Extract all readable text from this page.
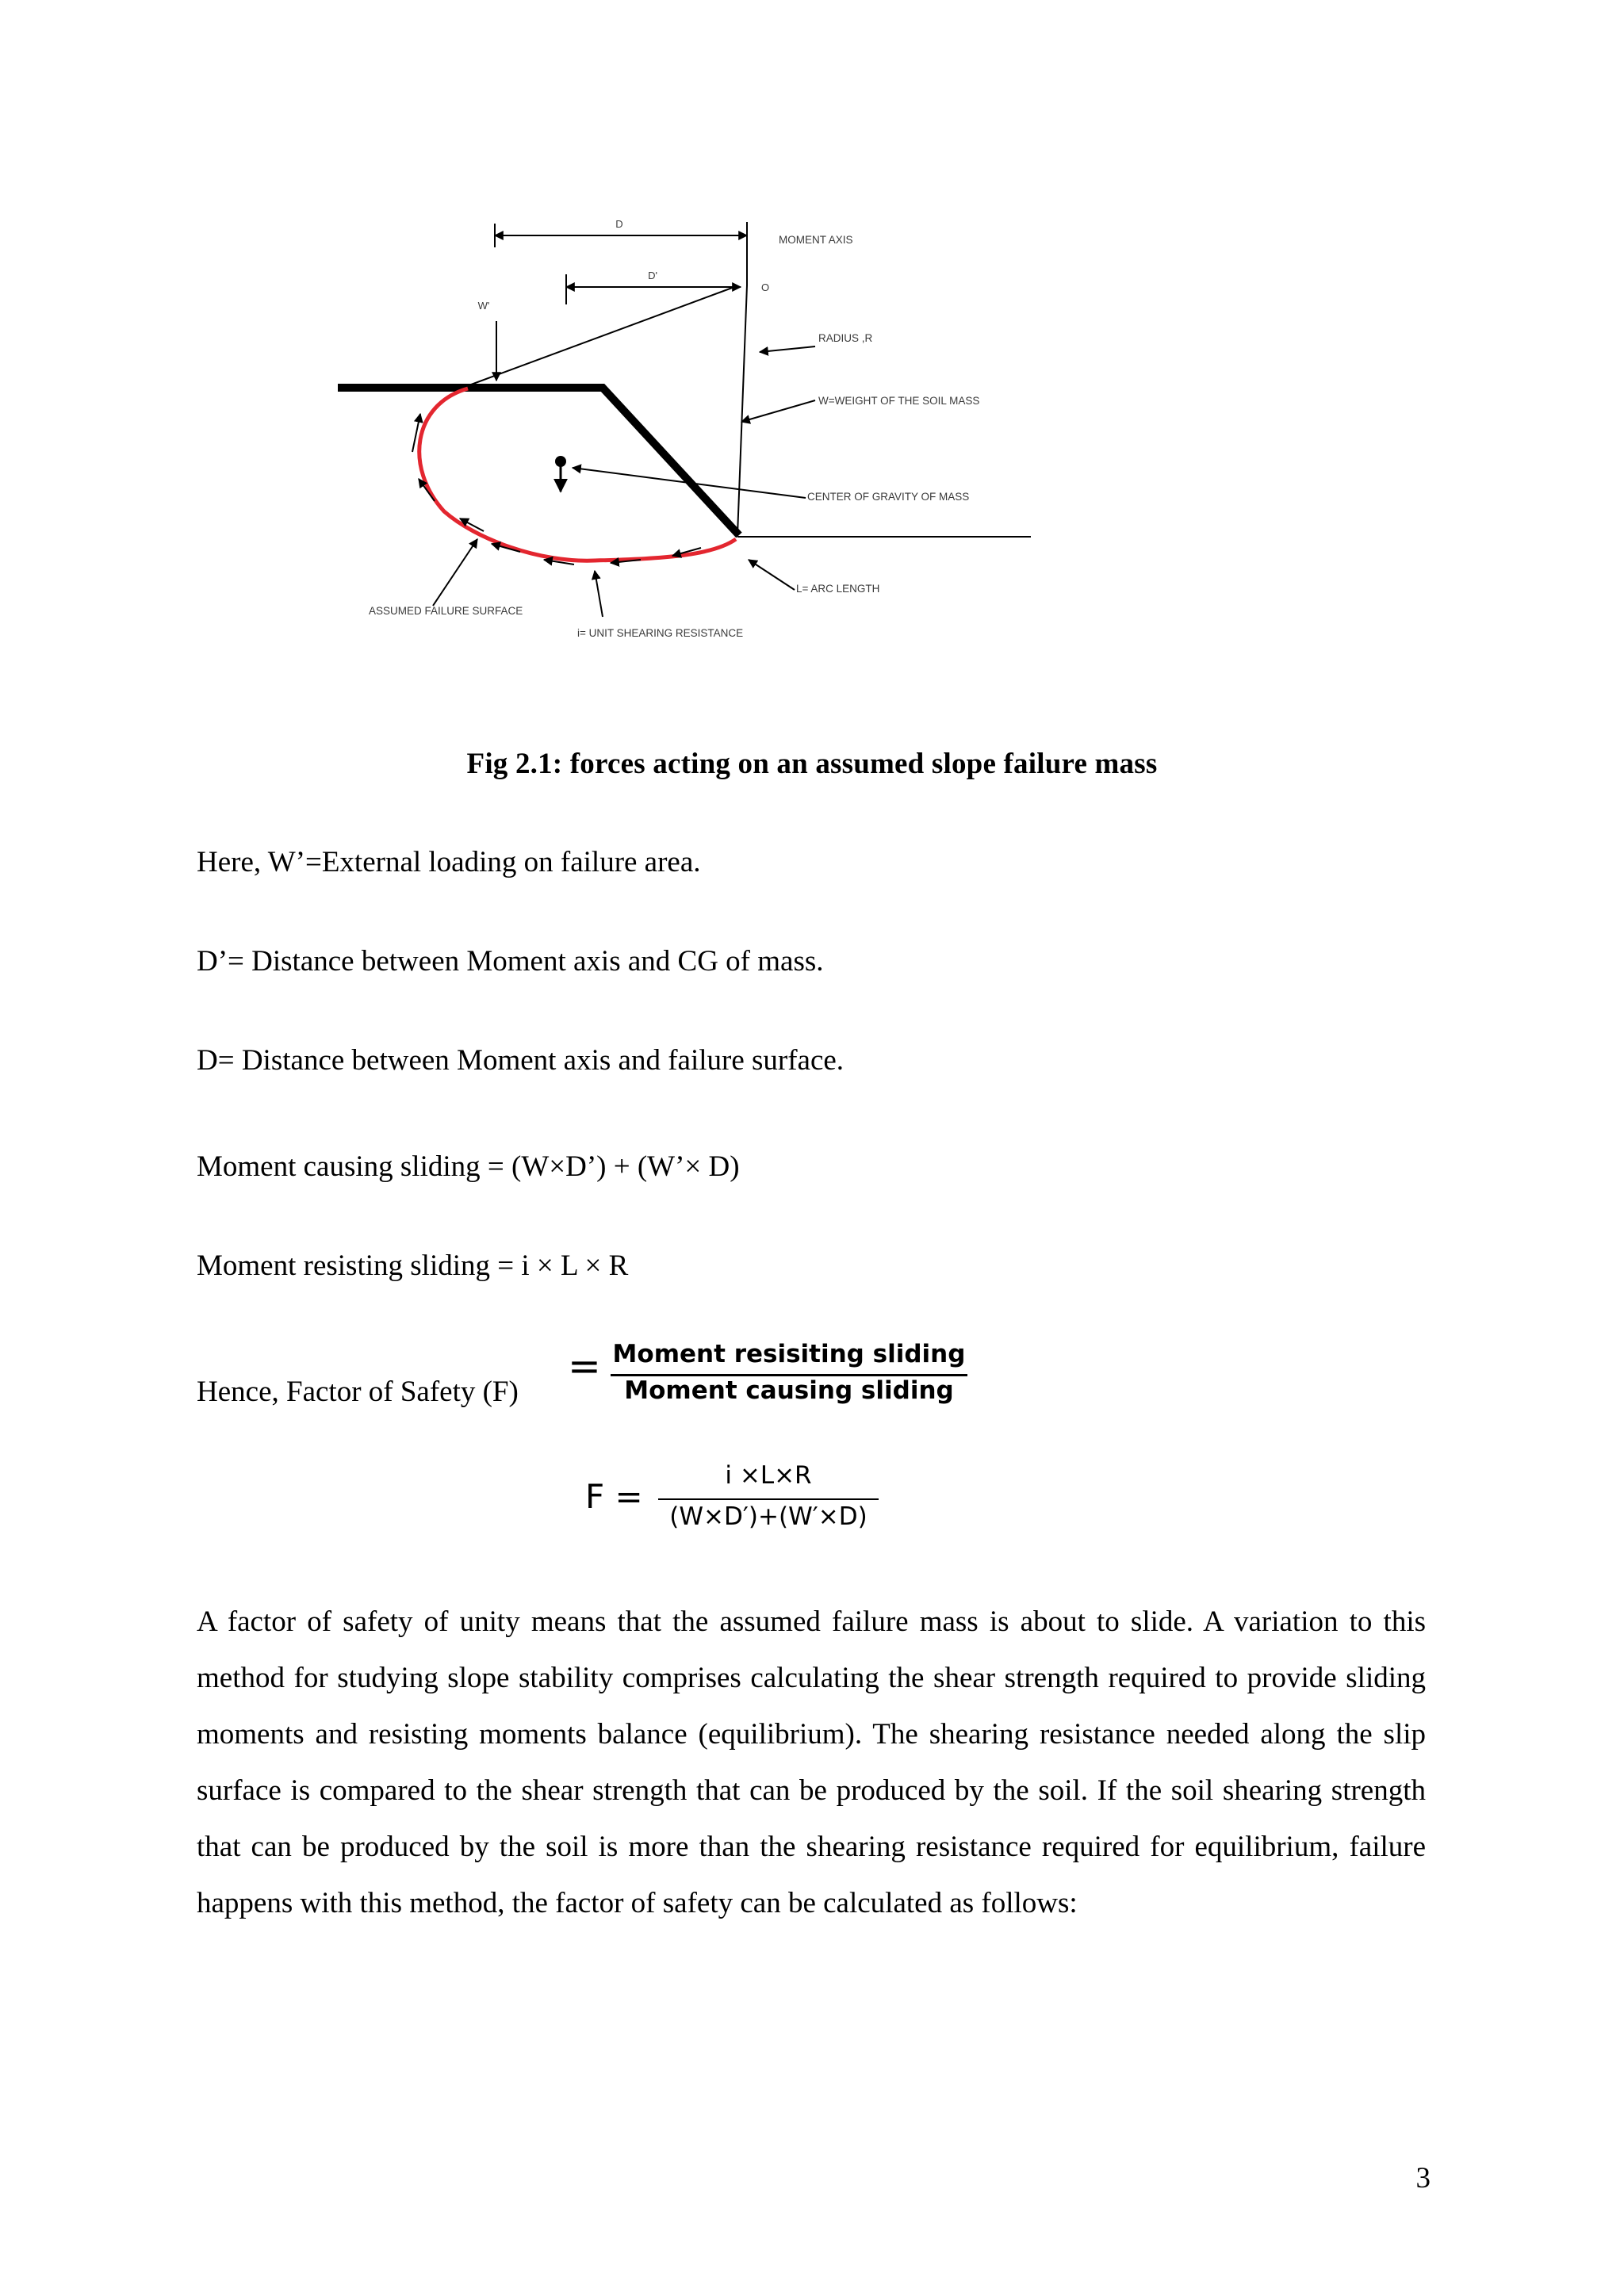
D
D'
O
W'
MOMENT AXIS
RADIUS ,R
W=WEIGHT OF THE SOIL MASS
CENTER OF GRAVITY OF MASS
L= ARC LENGTH
ASSUMED FAILURE SURFACE
i= UNIT SHEARING RESISTANCE
Fig 2.1: forces acting on an assumed slope failure mass
Here, W’=External loading on failure area.
D’= Distance between Moment axis and CG of mass.
D= Distance between Moment axis and failure surface.
Moment causing sliding = (W×D’) + (W’× D)
Moment resisting sliding = i × L × R
Hence, Factor of Safety (F)
= Moment resisiting sliding
Moment causing sliding
F =
i ×L×R
(W×D′)+(W′×D)
A factor of safety of unity means that the assumed failure mass is about to slide. A variation to this method for studying slope stability comprises calculating the shear strength required to provide sliding moments and resisting moments balance (equilibrium). The shearing resistance needed along the slip surface is compared to the shear strength that can be produced by the soil. If the soil shearing strength that can be produced by the soil is more than the shearing resistance required for equilibrium, failure happens with this method, the factor of safety can be calculated as follows:
3
